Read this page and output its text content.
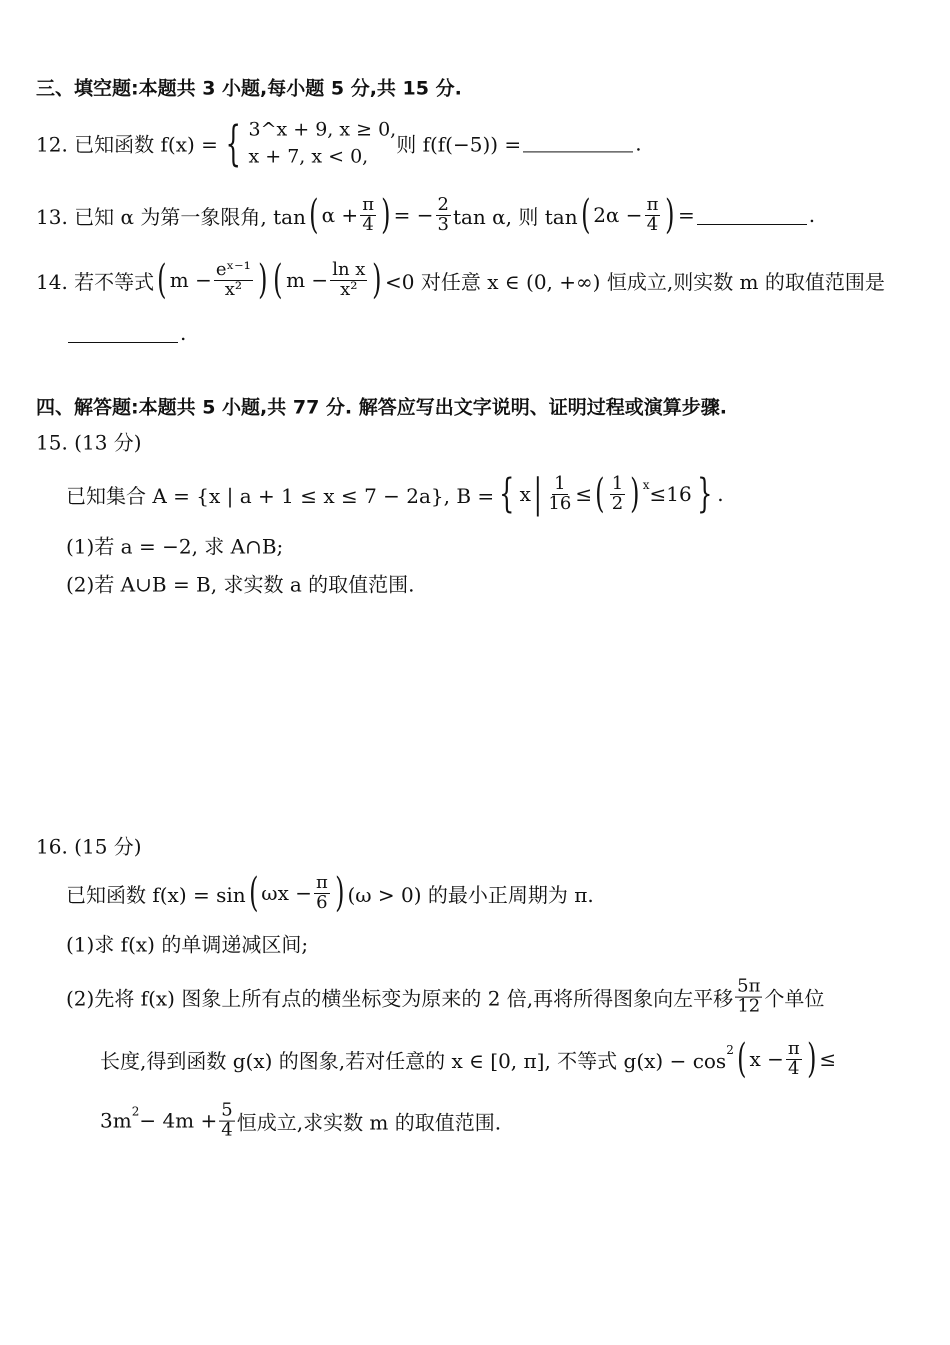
三、填空题:本题共 3 小题,每小题 5 分,共 15 分.
12. 已知函数 f(x) = { 3^x + 9, x ≥ 0,
x + 7, x < 0,	则 f(f(−5)) =	.
13. 已知 α 为第一象限角, tan ( $\alpha + \frac{\pi}{4}$ ) = − $\frac{2}{3}$ tan α, 则 tan ( $2\alpha - \frac{\pi}{4}$ ) =	.
14. 若不等式 ( $m - \frac{\text{eˣ⁻¹}}{\text{x²}}$ ) ( $m - \frac{\text{ln x}}{\text{x²}}$ ) <0 对任意 x ∈ (0, +∞) 恒成立,则实数 m 的取值范围是
.
四、解答题:本题共 5 小题,共 77 分. 解答应写出文字说明、证明过程或演算步骤.
15. (13 分)
已知集合 A = {x | a + 1 ≤ x ≤ 7 − 2a}, B = { x | $\frac{1}{16}$ ≤ ( $\frac{1}{2}$ ) x ≤16 } .
(1)若 a = −2, 求 A∩B;
(2)若 A∪B = B, 求实数 a 的取值范围.
16. (15 分)
已知函数 f(x) = sin ( $\omega x - \frac{\pi}{6}$ ) (ω > 0) 的最小正周期为 π.
(1)求 f(x) 的单调递减区间;
(2)先将 f(x) 图象上所有点的横坐标变为原来的 2 倍,再将所得图象向左平移 $\frac{5\pi}{12}$ 个单位
长度,得到函数 g(x) 的图象,若对任意的 x ∈ [0, π], 不等式 g(x) − cos 2 ( $x - \frac{\pi}{4}$ ) ≤
3m $2 - 4m + \frac{5}{4}$ 恒成立,求实数 m 的取值范围.
